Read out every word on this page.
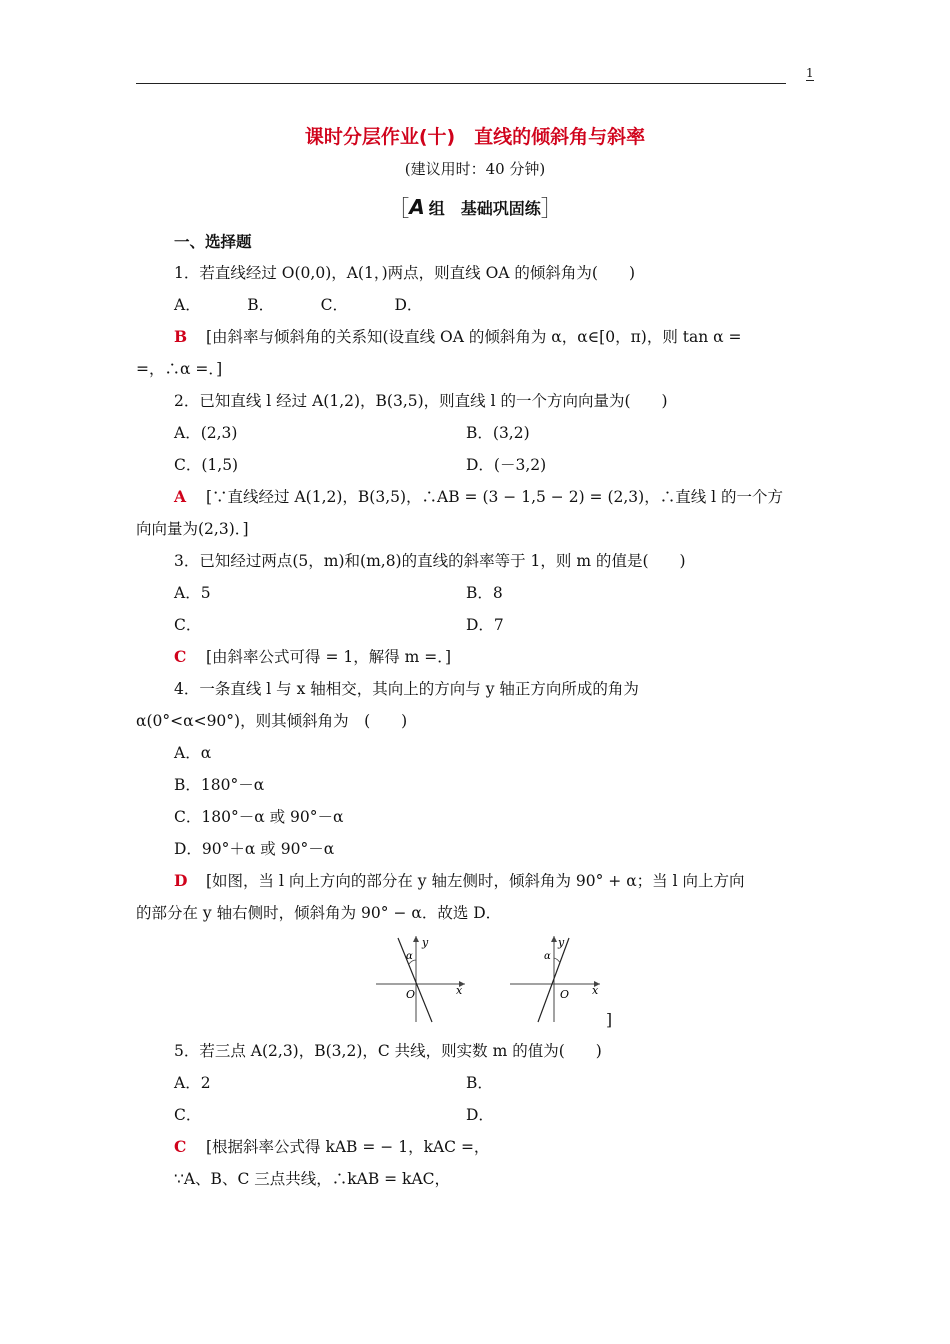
1
课时分层作业(十)　直线的倾斜角与斜率
(建议用时：40 分钟)
［A 组　基础巩固练］
一、选择题
1．若直线经过 O(0,0)，A(1，)两点，则直线 OA 的倾斜角为(　　)
A．   B．   C．   D．
B [由斜率与倾斜角的关系知(设直线 OA 的倾斜角为 α，α∈[0，π)，则 tan α =
=，∴α =．]
2．已知直线 l 经过 A(1,2)，B(3,5)，则直线 l 的一个方向向量为(　　)
A．(2,3)	B．(3,2)
C．(1,5)	D．(－3,2)
A [∵直线经过 A(1,2)，B(3,5)，∴AB = (3 − 1,5 − 2) = (2,3)，∴直线 l 的一个方
向向量为(2,3)．]
3．已知经过两点(5，m)和(m,8)的直线的斜率等于 1，则 m 的值是(　　)
A．5	B．8
C．	D．7
C [由斜率公式可得 = 1，解得 m =．]
4．一条直线 l 与 x 轴相交，其向上的方向与 y 轴正方向所成的角为
α(0°<α<90°)，则其倾斜角为　(　　)
A．α
B．180°－α
C．180°－α 或 90°－α
D．90°＋α 或 90°－α
D [如图，当 l 向上方向的部分在 y 轴左侧时，倾斜角为 90° + α；当 l 向上方向
的部分在 y 轴右侧时，倾斜角为 90° − α．故选 D．
y
x
O
α
y
x
O
α
]
5．若三点 A(2,3)，B(3,2)，C 共线，则实数 m 的值为(　　)
A．2	B．
C．	D．
C [根据斜率公式得 kAB = − 1，kAC =，
∵A、B、C 三点共线，∴kAB = kAC，
